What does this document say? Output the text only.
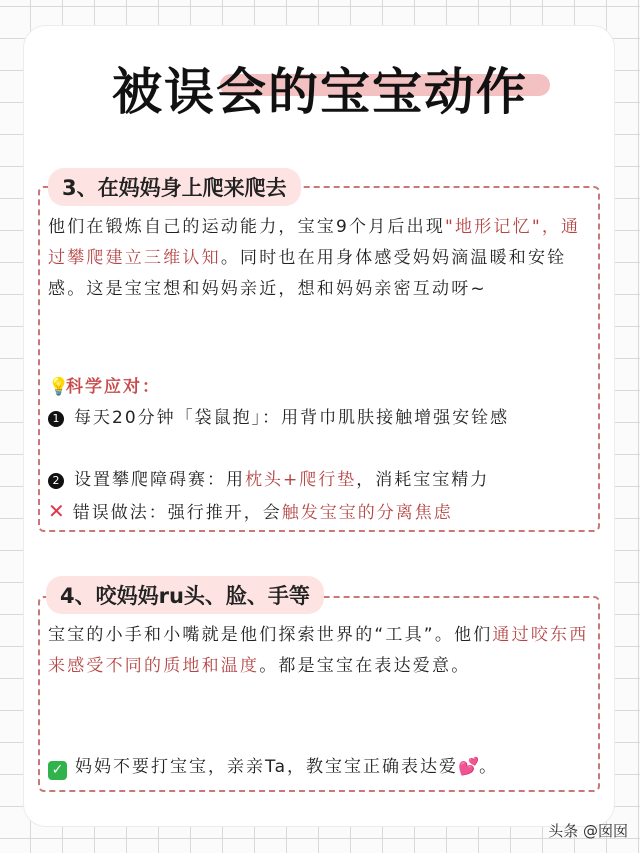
被误会的宝宝动作
3、在妈妈身上爬来爬去
他们在锻炼自己的运动能力，宝宝9个月后出现"地形记忆"，通过攀爬建立三维认知。同时也在用身体感受妈妈滴温暖和安铨感。这是宝宝想和妈妈亲近，想和妈妈亲密互动呀~
💡科学应对：
1 每天20分钟「袋鼠抱」：用背巾肌肤接触增强安铨感
2 设置攀爬障碍赛：用枕头+爬行垫，消耗宝宝精力
✕ 错误做法：强行推开，会触发宝宝的分离焦虑
4、咬妈妈ru头、脸、手等
宝宝的小手和小嘴就是他们探索世界的“工具”。他们通过咬东西来感受不同的质地和温度。都是宝宝在表达爱意。
✓ 妈妈不要打宝宝，亲亲Ta，教宝宝正确表达爱💕。
头条 @囡囡
